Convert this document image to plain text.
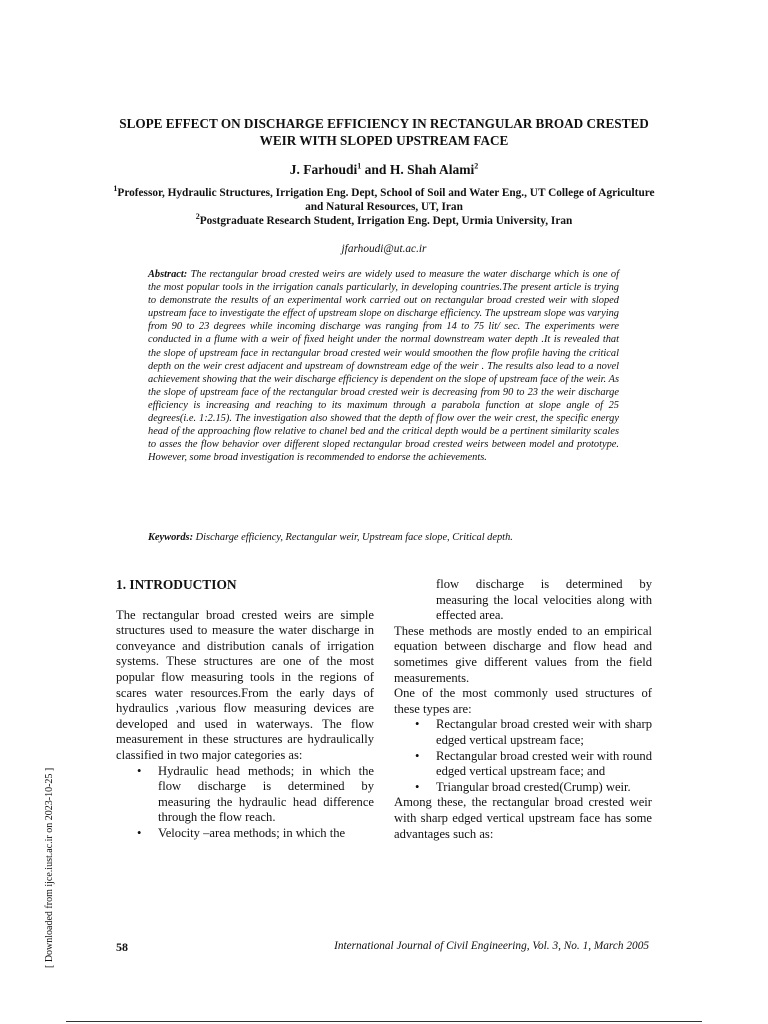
SLOPE EFFECT ON DISCHARGE EFFICIENCY IN RECTANGULAR BROAD CRESTED WEIR WITH SLOPED UPSTREAM FACE
J. Farhoudi$^1$ and H. Shah Alami$^2$
$^1$Professor, Hydraulic Structures, Irrigation Eng. Dept, School of Soil and Water Eng., UT College of Agriculture and Natural Resources, UT, Iran
$^2$Postgraduate Research Student, Irrigation Eng. Dept, Urmia University, Iran
jfarhoudi@ut.ac.ir
Abstract: The rectangular broad crested weirs are widely used to measure the water discharge which is one of the most popular tools in the irrigation canals particularly, in developing countries.The present article is trying to demonstrate the results of an experimental work carried out on rectangular broad crested weir with sloped upstream face to investigate the effect of upstream slope on discharge efficiency. The upstream slope was varying from 90 to 23 degrees while incoming discharge was ranging from 14 to 75 lit/ sec. The experiments were conducted in a flume with a weir of fixed height under the normal downstream water depth .It is revealed that the slope of upstream face in rectangular broad crested weir would smoothen the flow profile having the critical depth on the weir crest adjacent and upstream of downstream edge of the weir . The results also lead to a novel achievement showing that the weir discharge efficiency is dependent on the slope of upstream face of the weir. As the slope of upstream face of the rectangular broad crested weir is decreasing from 90 to 23 the weir discharge efficiency is increasing and reaching to its maximum through a parabola function at slope angle of 25 degrees(i.e. 1:2.15). The investigation also showed that the depth of flow over the weir crest, the specific energy head of the approaching flow relative to chanel bed and the critical depth would be a pertinent similarity scales to asses the flow behavior over different sloped rectangular broad crested weirs between model and prototype. However, some broad investigation is recommended to endorse the achievements.
Keywords: Discharge efficiency, Rectangular weir, Upstream face slope, Critical depth.
1. INTRODUCTION

The rectangular broad crested weirs are simple structures used to measure the water discharge in conveyance and distribution canals of irrigation systems. These structures are one of the most popular flow measuring tools in the regions of scares water resources.From the early days of hydraulics ,various flow measuring devices are developed and used in waterways. The flow measurement in these structures are hydraulically classified in two major categories as:

• Hydraulic head methods; in which the flow discharge is determined by measuring the hydraulic head difference through the flow reach.
• Velocity –area methods; in which the
flow discharge is determined by measuring the local velocities along with effected area.

These methods are mostly ended to an empirical equation between discharge and flow head and sometimes give different values from the field measurements.

One of the most commonly used structures of these types are:

• Rectangular broad crested weir with sharp edged vertical upstream face;
• Rectangular broad crested weir with round edged vertical upstream face; and
• Triangular broad crested(Crump) weir.

Among these, the rectangular broad crested weir with sharp edged vertical upstream face has some advantages such as:

58	International Journal of Civil Engineering, Vol. 3, No. 1, March 2005
[ Downloaded from ijce.iust.ac.ir on 2023-10-25 ]
